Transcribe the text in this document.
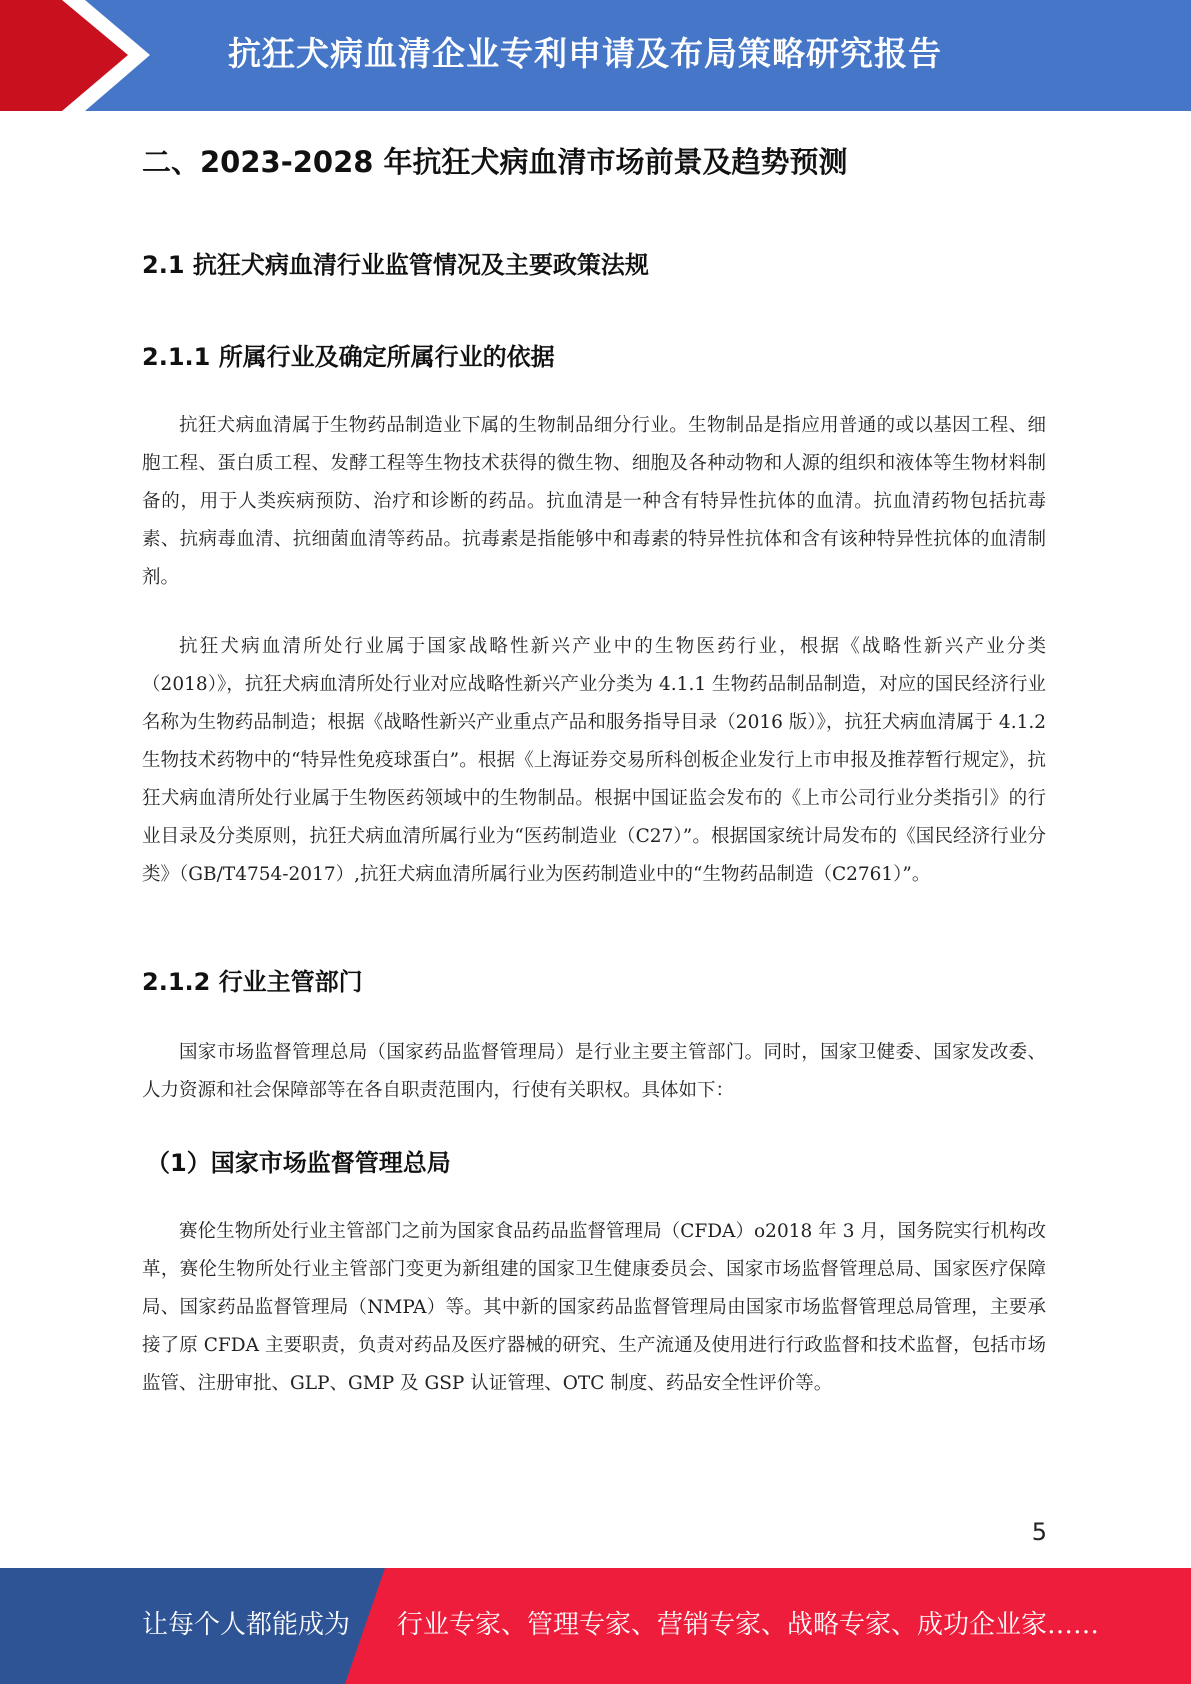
抗狂犬病血清企业专利申请及布局策略研究报告
二、2023-2028 年抗狂犬病血清市场前景及趋势预测
2.1 抗狂犬病血清行业监管情况及主要政策法规
2.1.1 所属行业及确定所属行业的依据

抗狂犬病血清属于生物药品制造业下属的生物制品细分行业。生物制品是指应用普通的或以基因工程、细胞工程、蛋白质工程、发酵工程等生物技术获得的微生物、细胞及各种动物和人源的组织和液体等生物材料制备的，用于人类疾病预防、治疗和诊断的药品。抗血清是一种含有特异性抗体的血清。抗血清药物包括抗毒素、抗病毒血清、抗细菌血清等药品。抗毒素是指能够中和毒素的特异性抗体和含有该种特异性抗体的血清制剂。

抗狂犬病血清所处行业属于国家战略性新兴产业中的生物医药行业，根据《战略性新兴产业分类（2018）》，抗狂犬病血清所处行业对应战略性新兴产业分类为 4.1.1 生物药品制品制造，对应的国民经济行业名称为生物药品制造；根据《战略性新兴产业重点产品和服务指导目录（2016 版）》，抗狂犬病血清属于 4.1.2 生物技术药物中的“特异性免疫球蛋白”。根据《上海证券交易所科创板企业发行上市申报及推荐暂行规定》，抗狂犬病血清所处行业属于生物医药领域中的生物制品。根据中国证监会发布的《上市公司行业分类指引》的行业目录及分类原则，抗狂犬病血清所属行业为“医药制造业（C27）”。根据国家统计局发布的《国民经济行业分类》（GB/T4754-2017）,抗狂犬病血清所属行业为医药制造业中的“生物药品制造（C2761）”。

2.1.2 行业主管部门

国家市场监督管理总局（国家药品监督管理局）是行业主要主管部门。同时，国家卫健委、国家发改委、人力资源和社会保障部等在各自职责范围内，行使有关职权。具体如下：

（1）国家市场监督管理总局

赛伦生物所处行业主管部门之前为国家食品药品监督管理局（CFDA）o2018 年 3 月，国务院实行机构改革，赛伦生物所处行业主管部门变更为新组建的国家卫生健康委员会、国家市场监督管理总局、国家医疗保障局、国家药品监督管理局（NMPA）等。其中新的国家药品监督管理局由国家市场监督管理总局管理，主要承接了原 CFDA 主要职责，负责对药品及医疗器械的研究、生产流通及使用进行行政监督和技术监督，包括市场监管、注册审批、GLP、GMP 及 GSP 认证管理、OTC 制度、药品安全性评价等。

5
让每个人都能成为 行业专家、管理专家、营销专家、战略专家、成功企业家……
